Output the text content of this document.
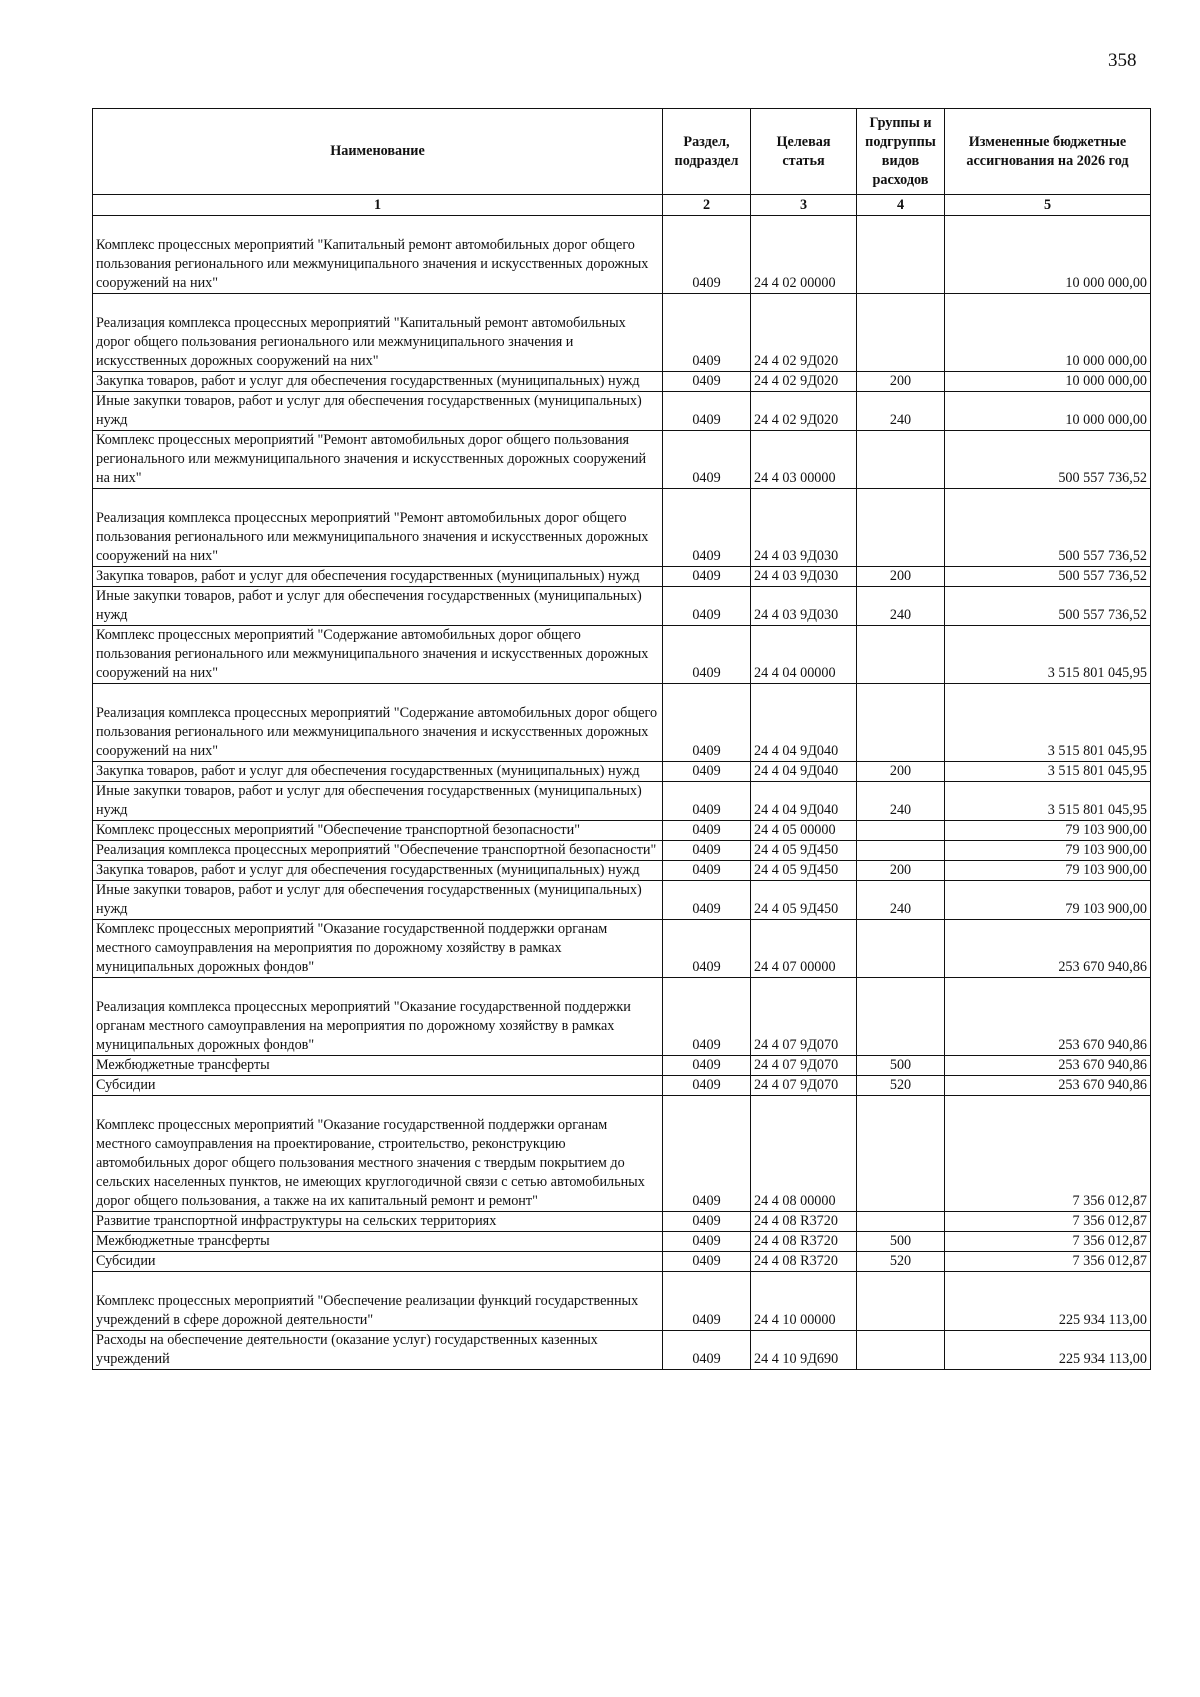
358
Наименование	Раздел, подраздел	Целевая статья	Группы и подгруппы видов расходов	Измененные бюджетные ассигнования на 2026 год
1	2	3	4	5
Комплекс процессных мероприятий "Капитальный ремонт автомобильных дорог общего пользования регионального или межмуниципального значения и искусственных дорожных сооружений на них"	0409	24 4 02 00000		10 000 000,00
Реализация комплекса процессных мероприятий "Капитальный ремонт автомобильных дорог общего пользования регионального или межмуниципального значения и искусственных дорожных сооружений на них"	0409	24 4 02 9Д020		10 000 000,00
Закупка товаров, работ и услуг для обеспечения государственных (муниципальных) нужд	0409	24 4 02 9Д020	200	10 000 000,00
Иные закупки товаров, работ и услуг для обеспечения государственных (муниципальных) нужд	0409	24 4 02 9Д020	240	10 000 000,00
Комплекс процессных мероприятий "Ремонт автомобильных дорог общего пользования регионального или межмуниципального значения и искусственных дорожных сооружений на них"	0409	24 4 03 00000		500 557 736,52
Реализация комплекса процессных мероприятий "Ремонт автомобильных дорог общего пользования регионального или межмуниципального значения и искусственных дорожных сооружений на них"	0409	24 4 03 9Д030		500 557 736,52
Закупка товаров, работ и услуг для обеспечения государственных (муниципальных) нужд	0409	24 4 03 9Д030	200	500 557 736,52
Иные закупки товаров, работ и услуг для обеспечения государственных (муниципальных) нужд	0409	24 4 03 9Д030	240	500 557 736,52
Комплекс процессных мероприятий "Содержание автомобильных дорог общего пользования регионального или межмуниципального значения и искусственных дорожных сооружений на них"	0409	24 4 04 00000		3 515 801 045,95
Реализация комплекса процессных мероприятий "Содержание автомобильных дорог общего пользования регионального или межмуниципального значения и искусственных дорожных сооружений на них"	0409	24 4 04 9Д040		3 515 801 045,95
Закупка товаров, работ и услуг для обеспечения государственных (муниципальных) нужд	0409	24 4 04 9Д040	200	3 515 801 045,95
Иные закупки товаров, работ и услуг для обеспечения государственных (муниципальных) нужд	0409	24 4 04 9Д040	240	3 515 801 045,95
Комплекс процессных мероприятий "Обеспечение транспортной безопасности"	0409	24 4 05 00000		79 103 900,00
Реализация комплекса процессных мероприятий "Обеспечение транспортной безопасности"	0409	24 4 05 9Д450		79 103 900,00
Закупка товаров, работ и услуг для обеспечения государственных (муниципальных) нужд	0409	24 4 05 9Д450	200	79 103 900,00
Иные закупки товаров, работ и услуг для обеспечения государственных (муниципальных) нужд	0409	24 4 05 9Д450	240	79 103 900,00
Комплекс процессных мероприятий "Оказание государственной поддержки органам местного самоуправления на мероприятия по дорожному хозяйству в рамках муниципальных дорожных фондов"	0409	24 4 07 00000		253 670 940,86
Реализация комплекса процессных мероприятий "Оказание государственной поддержки органам местного самоуправления на мероприятия по дорожному хозяйству в рамках муниципальных дорожных фондов"	0409	24 4 07 9Д070		253 670 940,86
Межбюджетные трансферты	0409	24 4 07 9Д070	500	253 670 940,86
Субсидии	0409	24 4 07 9Д070	520	253 670 940,86
Комплекс процессных мероприятий "Оказание государственной поддержки органам местного самоуправления на проектирование, строительство, реконструкцию автомобильных дорог общего пользования местного значения с твердым покрытием до сельских населенных пунктов, не имеющих круглогодичной связи с сетью автомобильных дорог общего пользования, а также на их капитальный ремонт и ремонт"	0409	24 4 08 00000		7 356 012,87
Развитие транспортной инфраструктуры на сельских территориях	0409	24 4 08 R3720		7 356 012,87
Межбюджетные трансферты	0409	24 4 08 R3720	500	7 356 012,87
Субсидии	0409	24 4 08 R3720	520	7 356 012,87
Комплекс процессных мероприятий "Обеспечение реализации функций государственных учреждений в сфере дорожной деятельности"	0409	24 4 10 00000		225 934 113,00
Расходы на обеспечение деятельности (оказание услуг) государственных казенных учреждений	0409	24 4 10 9Д690		225 934 113,00
